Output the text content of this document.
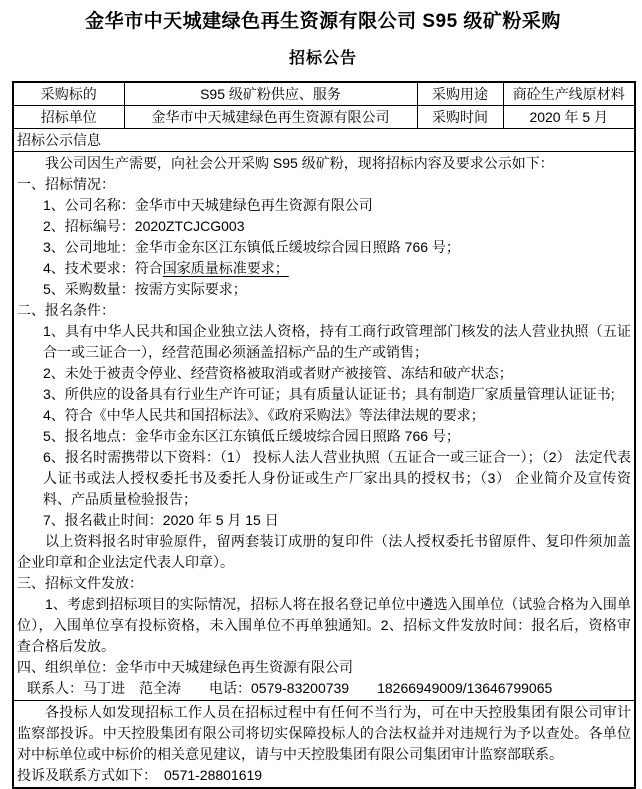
金华市中天城建绿色再生资源有限公司 S95 级矿粉采购
招标公告
采购标的	S95 级矿粉供应、服务	采购用途	商砼生产线原材料
招标单位	金华市中天城建绿色再生资源有限公司	采购时间	2020 年 5 月
招标公示信息			

我公司因生产需要，向社会公开采购 S95 级矿粉，现将招标内容及要求公示如下：
一、招标情况：
1、公司名称：金华市中天城建绿色再生资源有限公司
2、招标编号：2020ZTCJCG003
3、公司地址：金华市金东区江东镇低丘缓坡综合园日照路 766 号；
4、技术要求：符合国家质量标准要求；
5、采购数量：按需方实际要求；
二、报名条件：
1、具有中华人民共和国企业独立法人资格，持有工商行政管理部门核发的法人营业执照（五证合一或三证合一），经营范围必须涵盖招标产品的生产或销售；
2、未处于被责令停业、经营资格被取消或者财产被接管、冻结和破产状态；
3、所供应的设备具有行业生产许可证；具有质量认证证书；具有制造厂家质量管理认证证书;
4、符合《中华人民共和国招标法》、《政府采购法》等法律法规的要求；
5、报名地点：金华市金东区江东镇低丘缓坡综合园日照路 766 号；
6、报名时需携带以下资料：（1） 投标人法人营业执照（五证合一或三证合一）；（2） 法定代表人证书或法人授权委托书及委托人身份证或生产厂家出具的授权书；（3） 企业简介及宣传资料、产品质量检验报告；
7、报名截止时间：2020 年 5 月 15 日
以上资料报名时审验原件，留两套装订成册的复印件（法人授权委托书留原件、复印件须加盖企业印章和企业法定代表人印章）。
三、招标文件发放：
1、考虑到招标项目的实际情况，招标人将在报名登记单位中遴选入围单位（试验合格为入围单位），入围单位享有投标资格，未入围单位不再单独通知。2、招标文件发放时间：报名后，资格审查合格后发放。
四、组织单位：金华市中天城建绿色再生资源有限公司
联系人：马丁进　范全涛　　电话：0579-83200739　　18266949009/13646799065

各投标人如发现招标工作人员在招标过程中有任何不当行为，可在中天控股集团有限公司审计监察部投诉。中天控股集团有限公司将切实保障投标人的合法权益并对违规行为予以查处。各单位对中标单位或中标价的相关意见建议，请与中天控股集团有限公司集团审计监察部联系。
投诉及联系方式如下：　0571-28801619			
